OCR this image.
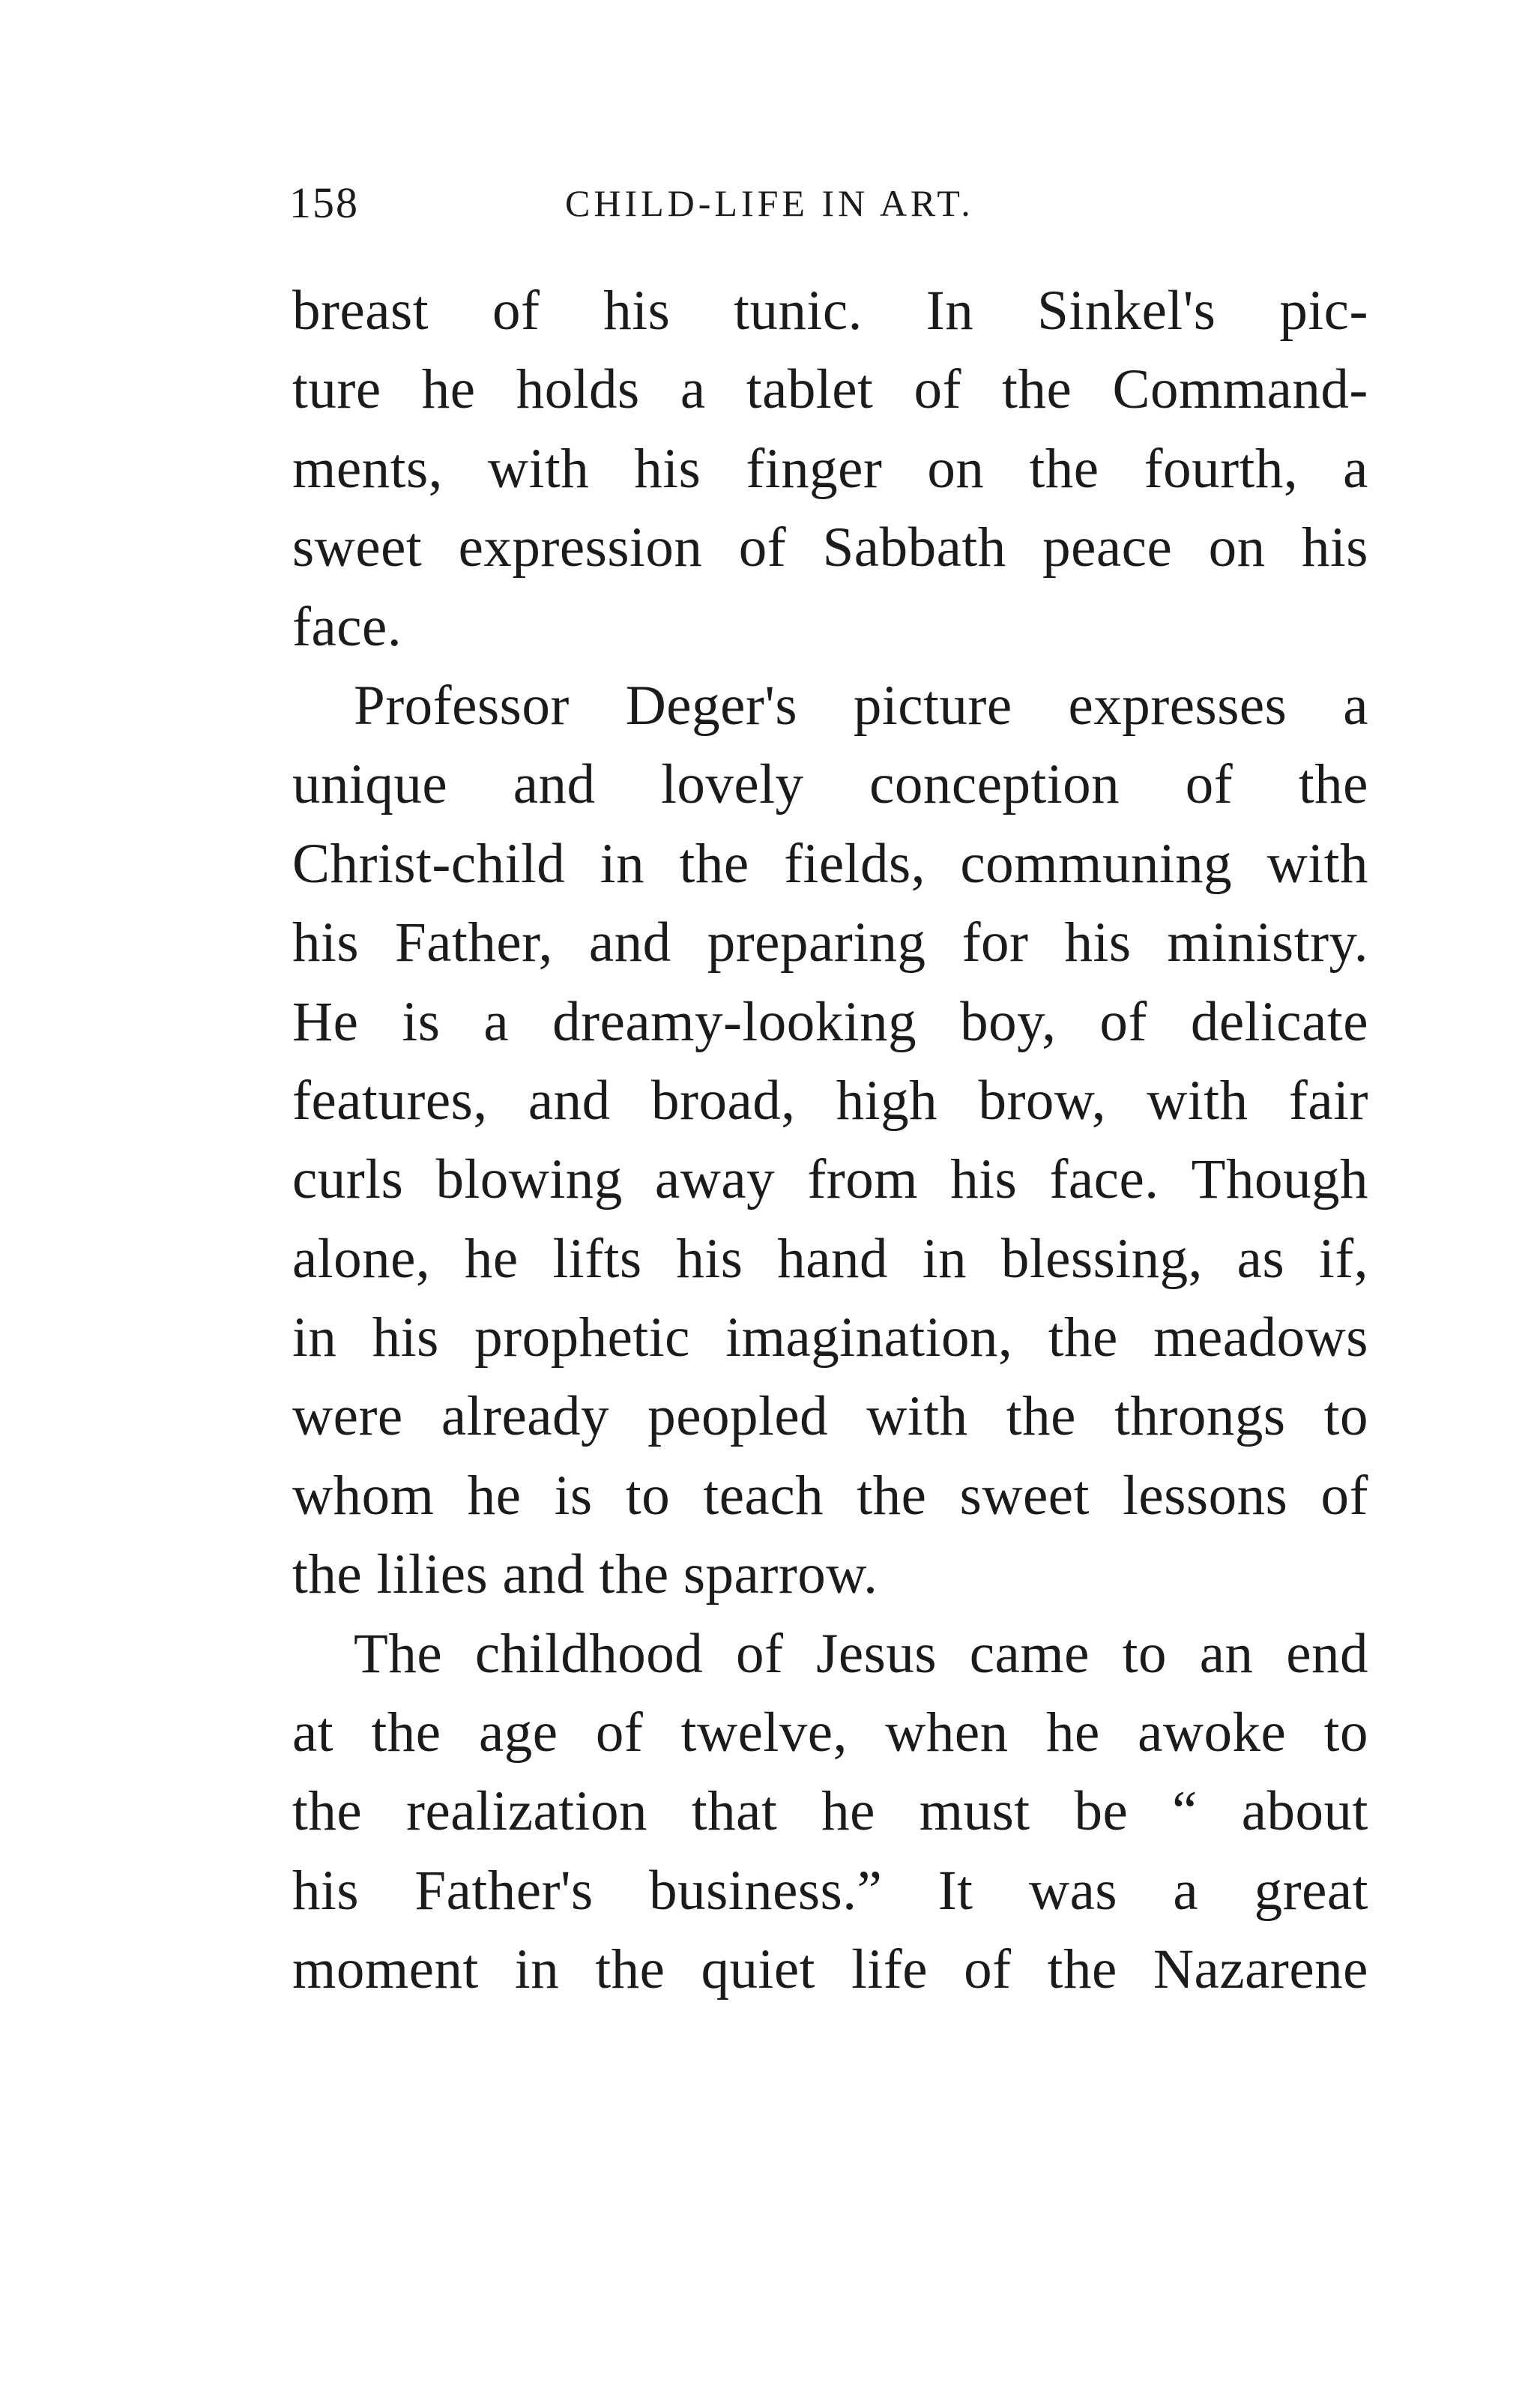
158	CHILD-LIFE IN ART.
breast of his tunic. In Sinkel's pic-
ture he holds a tablet of the Command-
ments, with his finger on the fourth, a
sweet expression of Sabbath peace on his
face.
Professor Deger's picture expresses a
unique and lovely conception of the
Christ-child in the fields, communing with
his Father, and preparing for his ministry.
He is a dreamy-looking boy, of delicate
features, and broad, high brow, with fair
curls blowing away from his face. Though
alone, he lifts his hand in blessing, as if,
in his prophetic imagination, the meadows
were already peopled with the throngs to
whom he is to teach the sweet lessons of
the lilies and the sparrow.
The childhood of Jesus came to an end
at the age of twelve, when he awoke to
the realization that he must be “ about
his Father's business.” It was a great
moment in the quiet life of the Nazarene
